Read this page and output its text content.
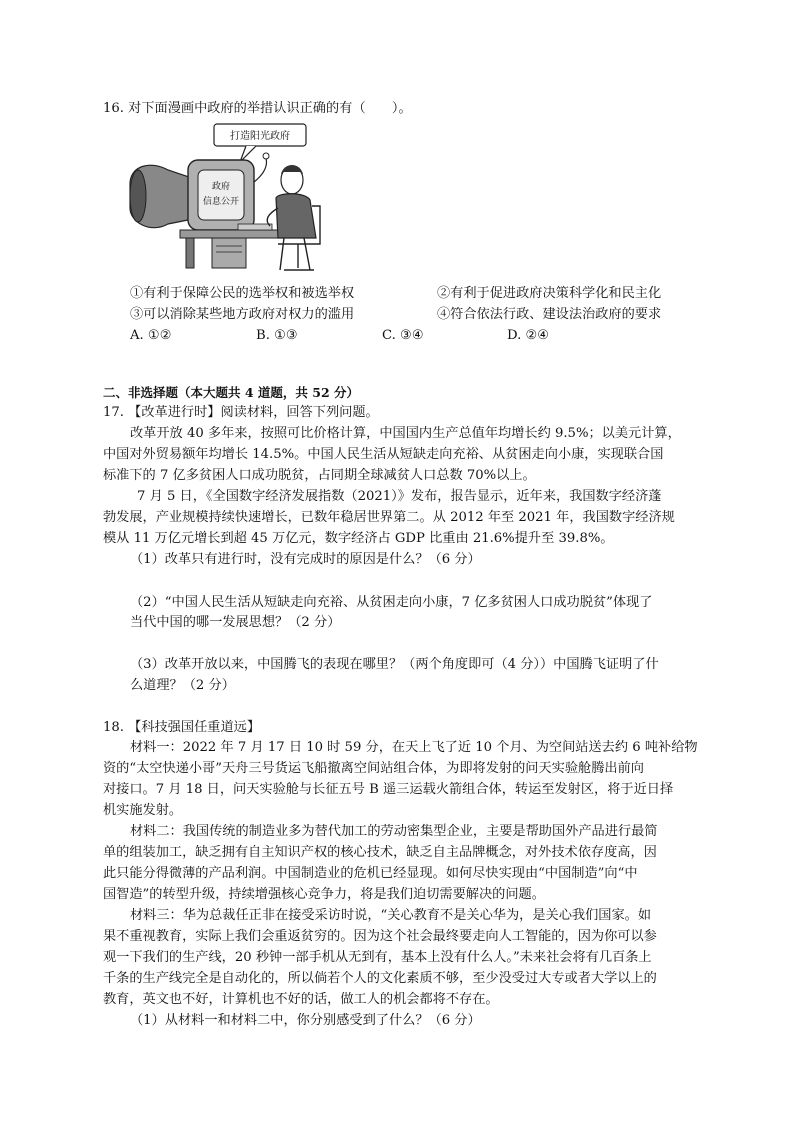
16. 对下面漫画中政府的举措认识正确的有（　　）。
打造阳光政府
政府
信息公开
①有利于保障公民的选举权和被选举权	②有利于促进政府决策科学化和民主化
③可以消除某些地方政府对权力的滥用	④符合依法行政、建设法治政府的要求
A. ①②	B. ①③	C. ③④	D. ②④
二、非选择题（本大题共 4 道题，共 52 分）
17. 【改革进行时】阅读材料，回答下列问题。
改革开放 40 多年来，按照可比价格计算，中国国内生产总值年均增长约 9.5%；以美元计算，
中国对外贸易额年均增长 14.5%。中国人民生活从短缺走向充裕、从贫困走向小康，实现联合国
标准下的 7 亿多贫困人口成功脱贫，占同期全球减贫人口总数 70%以上。
7 月 5 日，《全国数字经济发展指数（2021）》发布，报告显示，近年来，我国数字经济蓬
勃发展，产业规模持续快速增长，已数年稳居世界第二。从 2012 年至 2021 年，我国数字经济规
模从 11 万亿元增长到超 45 万亿元，数字经济占 GDP 比重由 21.6%提升至 39.8%。
（1）改革只有进行时，没有完成时的原因是什么？（6 分）
（2）“中国人民生活从短缺走向充裕、从贫困走向小康，7 亿多贫困人口成功脱贫”体现了
当代中国的哪一发展思想？（2 分）
（3）改革开放以来，中国腾飞的表现在哪里？（两个角度即可（4 分））中国腾飞证明了什
么道理？（2 分）
18. 【科技强国任重道远】
材料一：2022 年 7 月 17 日 10 时 59 分，在天上飞了近 10 个月、为空间站送去约 6 吨补给物
资的“太空快递小哥”天舟三号货运飞船撤离空间站组合体，为即将发射的问天实验舱腾出前向
对接口。7 月 18 日，问天实验舱与长征五号 B 遥三运载火箭组合体，转运至发射区，将于近日择
机实施发射。
材料二：我国传统的制造业多为替代加工的劳动密集型企业，主要是帮助国外产品进行最简
单的组装加工，缺乏拥有自主知识产权的核心技术，缺乏自主品牌概念，对外技术依存度高，因
此只能分得微薄的产品利润。中国制造业的危机已经显现。如何尽快实现由“中国制造”向“中
国智造”的转型升级，持续增强核心竞争力，将是我们迫切需要解决的问题。
材料三：华为总裁任正非在接受采访时说，“关心教育不是关心华为，是关心我们国家。如
果不重视教育，实际上我们会重返贫穷的。因为这个社会最终要走向人工智能的，因为你可以参
观一下我们的生产线，20 秒钟一部手机从无到有，基本上没有什么人。”未来社会将有几百条上
千条的生产线完全是自动化的，所以倘若个人的文化素质不够，至少没受过大专或者大学以上的
教育，英文也不好，计算机也不好的话，做工人的机会都将不存在。
（1）从材料一和材料二中，你分别感受到了什么？（6 分）
